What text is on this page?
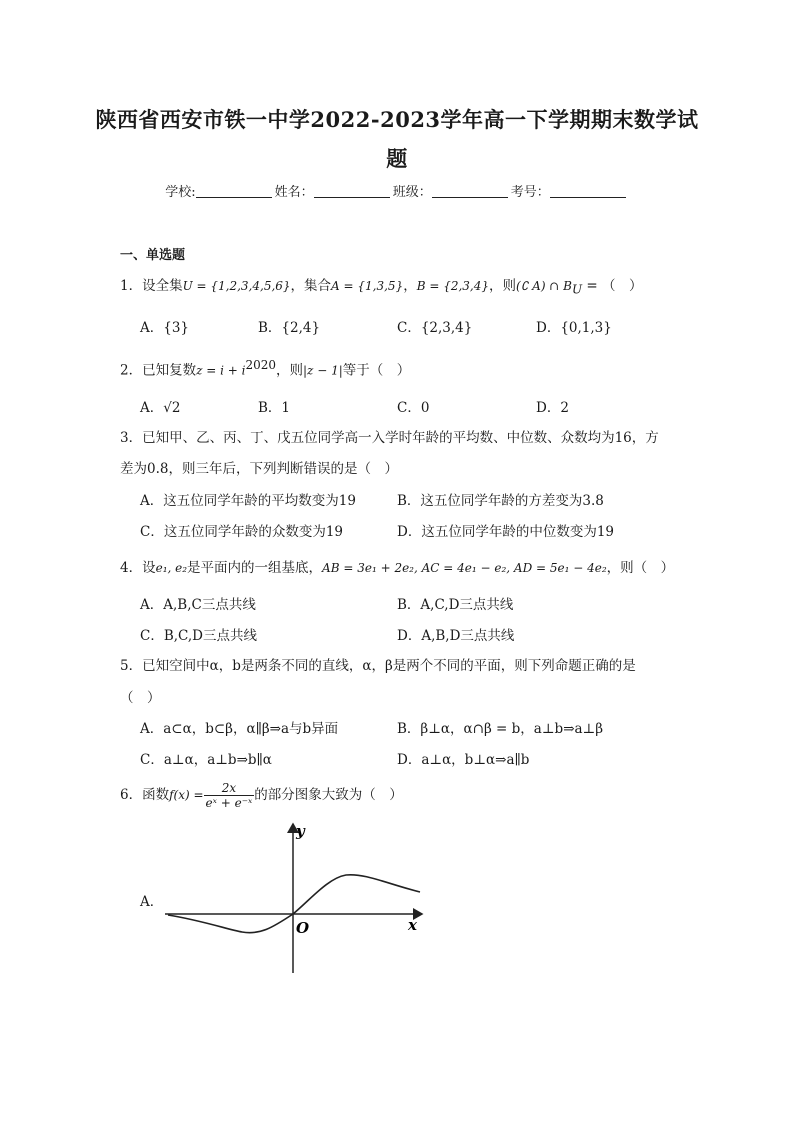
陕西省西安市铁一中学2022-2023学年高一下学期期末数学试
题
学校:	姓名：	班级：	考号：
一、单选题
1．设全集U = {1,2,3,4,5,6}，集合A = {1,3,5}，B = {2,3,4}，则(∁ A) ∩ $B_U$ = （　）
A．{3}	B．{2,4}	C．{2,3,4}	D．{0,1,3}
2．已知复数$z = i + i^{2020}$，则|z − 1|等于（　）
A．√2	B．1	C．0	D．2
3．已知甲、乙、丙、丁、戊五位同学高一入学时年龄的平均数、中位数、众数均为16，方
差为0.8，则三年后，下列判断错误的是（　）
A．这五位同学年龄的平均数变为19	B．这五位同学年龄的方差变为3.8
C．这五位同学年龄的众数变为19	D．这五位同学年龄的中位数变为19
4．设e₁, e₂是平面内的一组基底，AB = 3e₁ + 2e₂, AC = 4e₁ − e₂, AD = 5e₁ − 4e₂，则（　）
A．A,B,C三点共线	B．A,C,D三点共线
C．B,C,D三点共线	D．A,B,D三点共线
5．已知空间中α，b是两条不同的直线，α，β是两个不同的平面，则下列命题正确的是
（　）
A．a⊂α，b⊂β，α∥β⇒a与b异面	B．β⊥α，α∩β = b，a⊥b⇒a⊥β
C．a⊥α，a⊥b⇒b∥α	D．a⊥α，b⊥α⇒a∥b
6．函数$f(x) = \frac{2x}{\text{eˣ + e⁻ˣ}}$ 的部分图象大致为（　）
A．
y
x
O
